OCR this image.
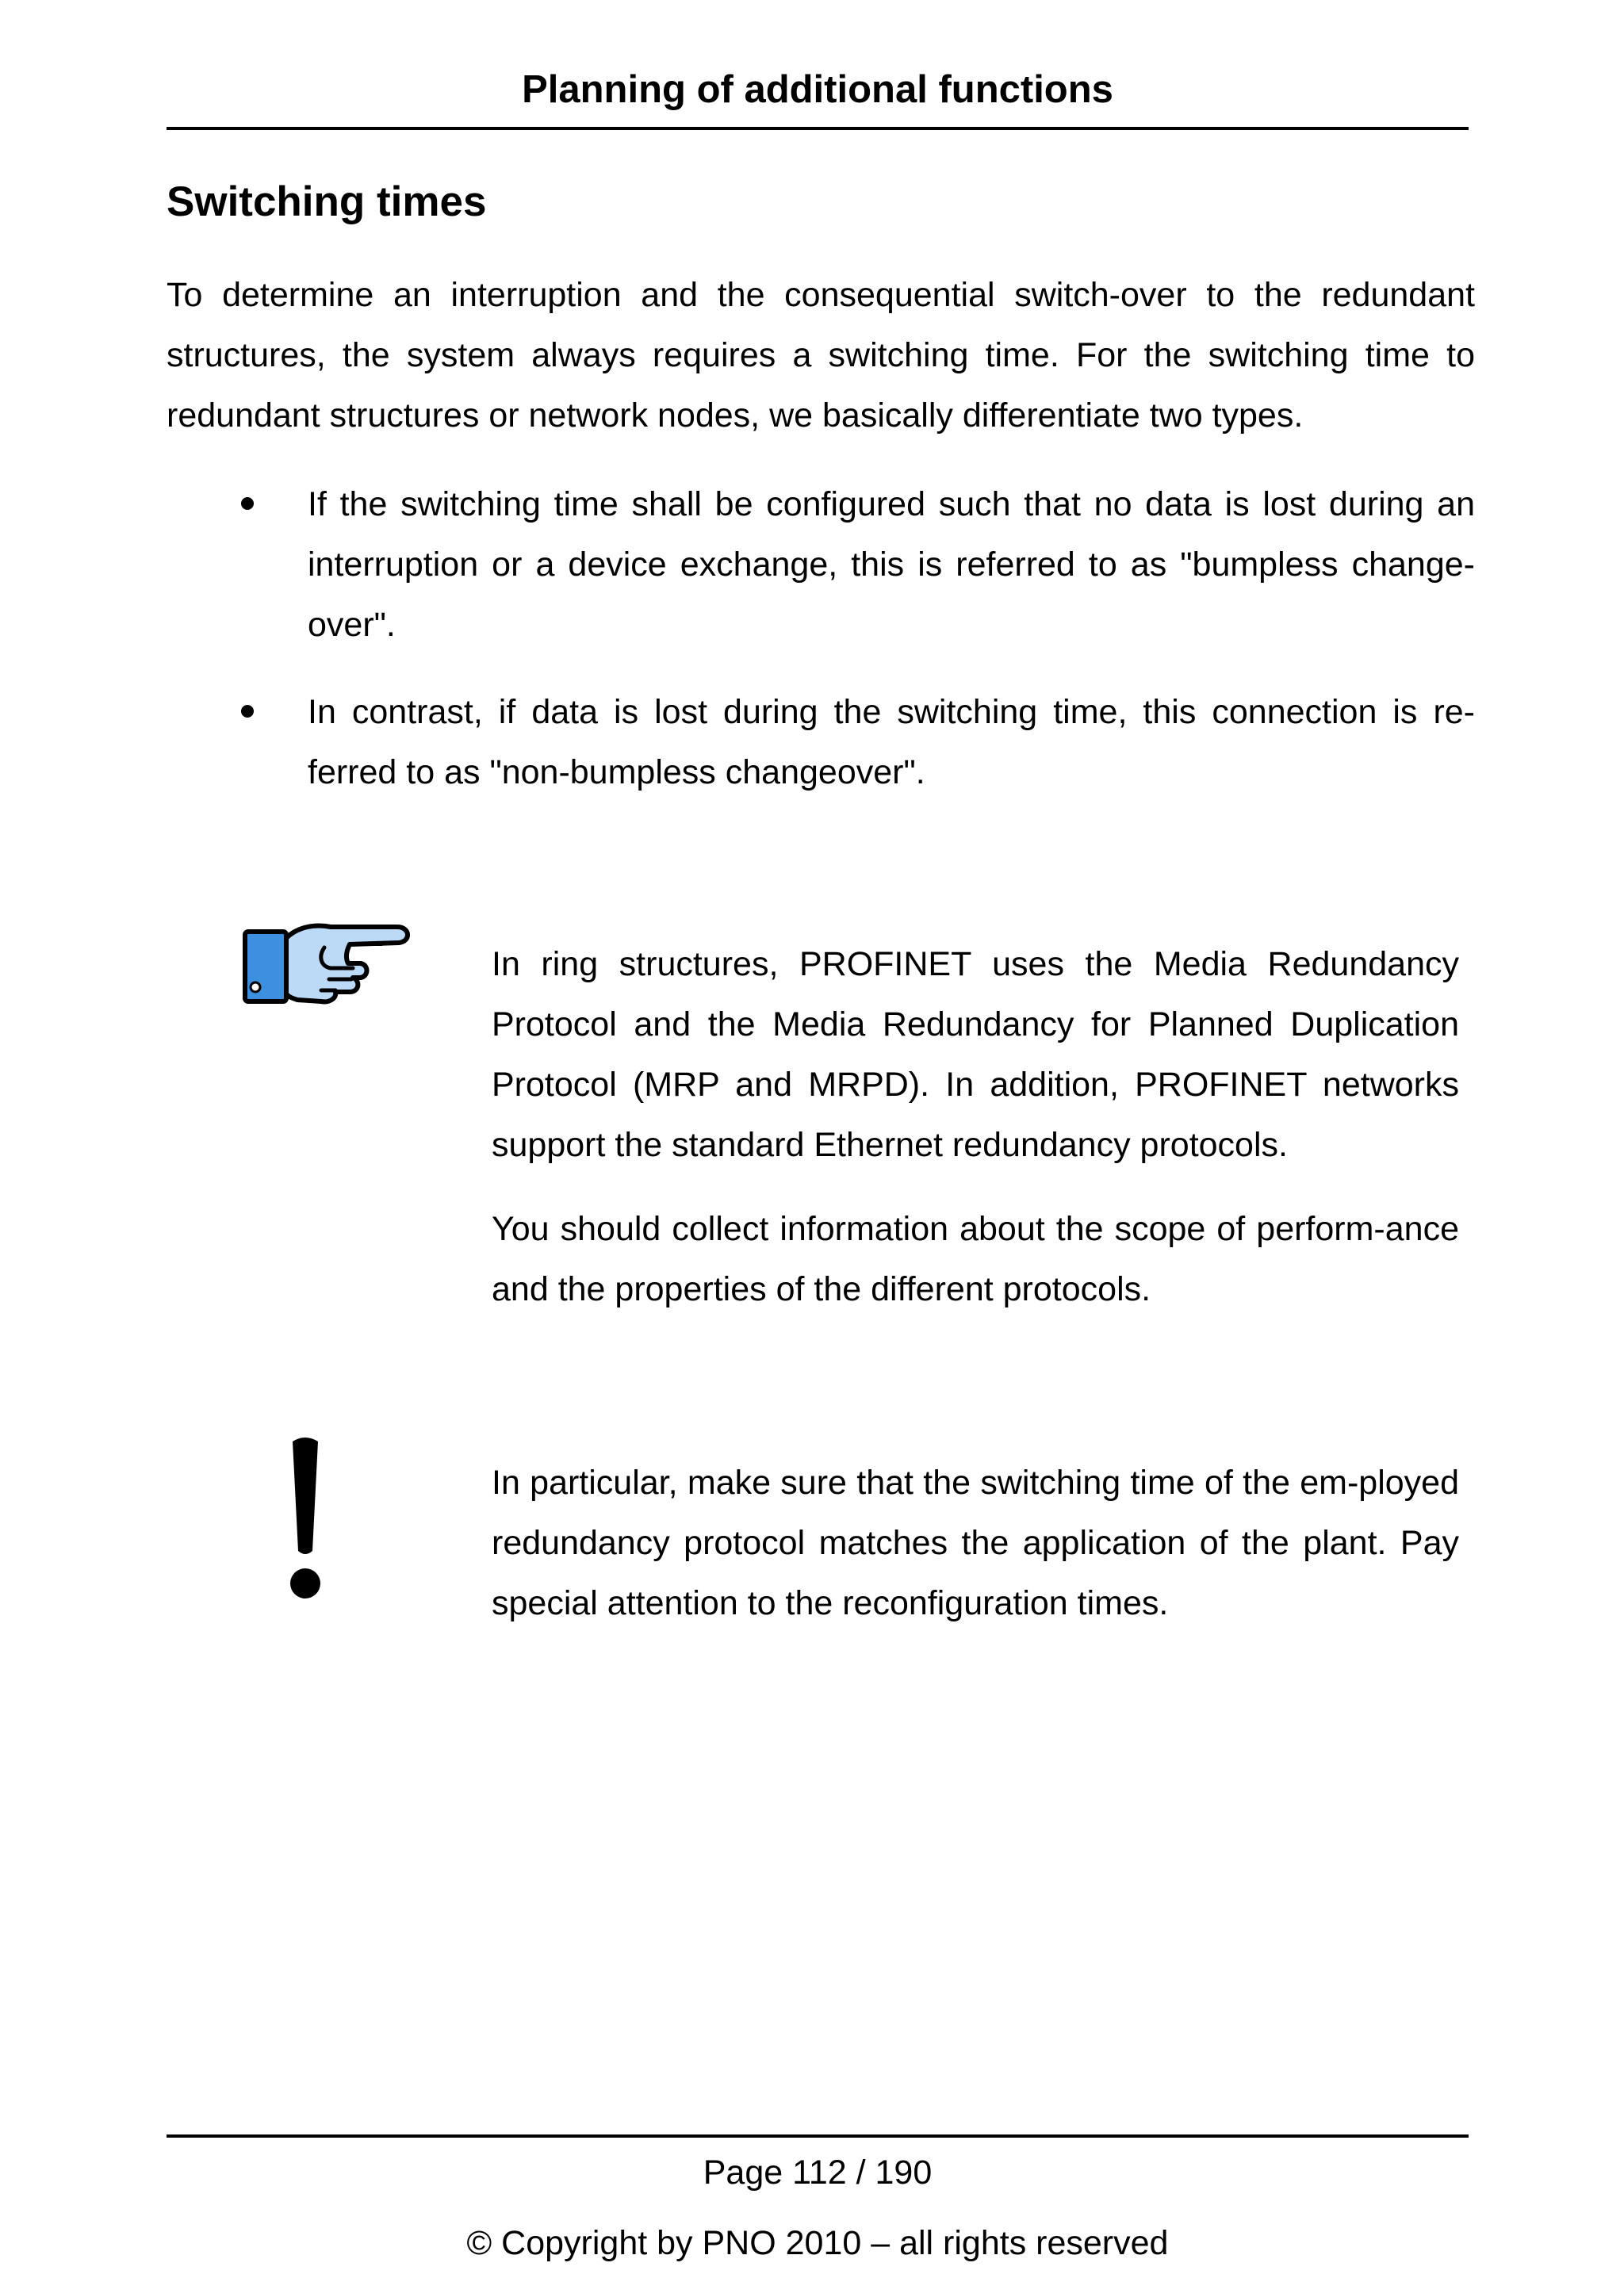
Planning of additional functions
Switching times

To determine an interruption and the consequential switch-over to the redundant structures, the system always requires a switching time. For the switching time to redundant structures or network nodes, we basically differentiate two types.

If the switching time shall be configured such that no data is lost during an interruption or a device exchange, this is referred to as "bumpless change-over".
In contrast, if data is lost during the switching time, this connection is re-ferred to as "non-bumpless changeover".

In ring structures, PROFINET uses the Media Redundancy Protocol and the Media Redundancy for Planned Duplication Protocol (MRP and MRPD). In addition, PROFINET networks support the standard Ethernet redundancy protocols.

You should collect information about the scope of perform-ance and the properties of the different protocols.

In particular, make sure that the switching time of the em-ployed redundancy protocol matches the application of the plant. Pay special attention to the reconfiguration times.

Page 112 / 190
© Copyright by PNO 2010 – all rights reserved
